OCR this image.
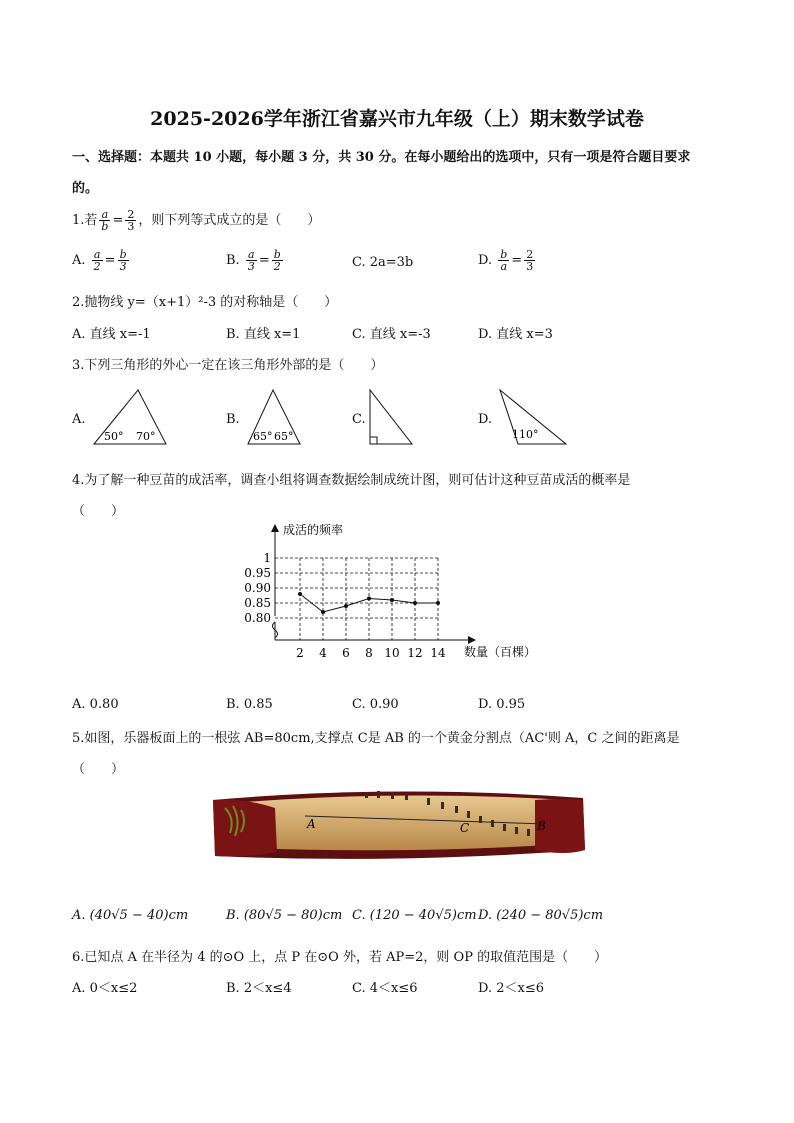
2025-2026学年浙江省嘉兴市九年级（上）期末数学试卷
一、选择题：本题共 10 小题，每小题 3 分，共 30 分。在每小题给出的选项中，只有一项是符合题目要求
的。
1.若 $\frac{a}{b} = \frac{2}{3}$ ，则下列等式成立的是（　　）
A. $\frac{a}{2} = \frac{b}{3}$	B. $\frac{a}{3} = \frac{b}{2}$	C. 2a=3b	D. $\frac{b}{a} = \frac{2}{3}$
2.抛物线 y=（x+1）²-3 的对称轴是（　　）
A. 直线 x=-1	B. 直线 x=1	C. 直线 x=-3	D. 直线 x=3
3.下列三角形的外心一定在该三角形外部的是（　　）
A.	B.	C.	D.
50° 70°	65° 65°	110°
4.为了解一种豆苗的成活率，调查小组将调查数据绘制成统计图，则可估计这种豆苗成活的概率是
（　　）
成活的频率
数量（百棵）
1
0.95
0.90
0.85
0.80
2 4 6 8 10 12 14
A. 0.80	B. 0.85	C. 0.90	D. 0.95
5.如图，乐器板面上的一根弦 AB=80cm,支撑点 C是 AB 的一个黄金分割点（AC'则 A，C 之间的距离是
（　　）
A	C	B
A. (40√5 − 40)cm	B. (80√5 − 80)cm C. (120 − 40√5)cm D. (240 − 80√5)cm
6.已知点 A 在半径为 4 的⊙O 上，点 P 在⊙O 外，若 AP=2，则 OP 的取值范围是（　　）
A. 0＜x≤2	B. 2＜x≤4	C. 4＜x≤6	D. 2＜x≤6
